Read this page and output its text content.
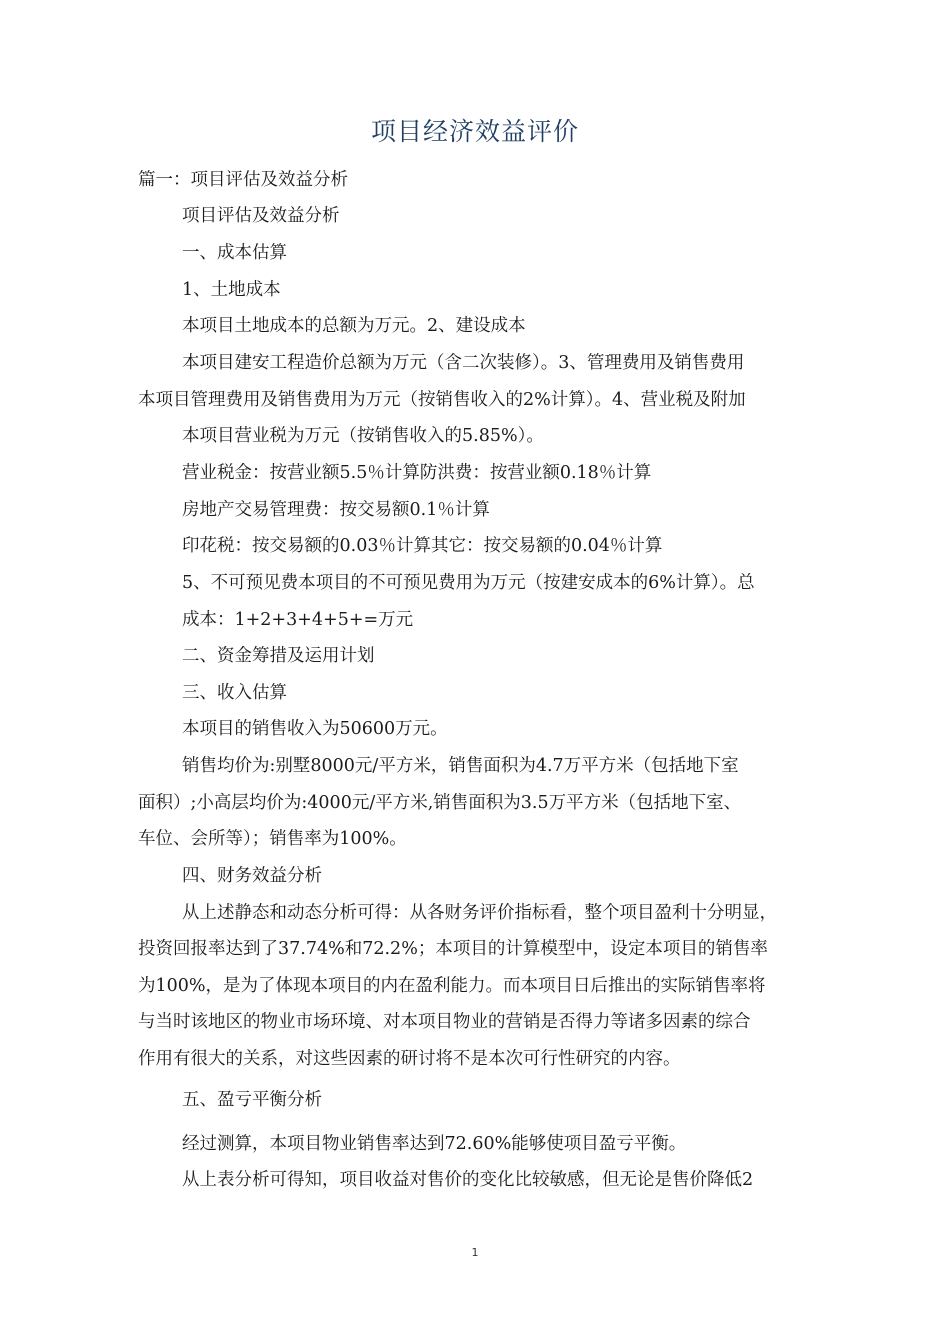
项目经济效益评价
篇一：项目评估及效益分析
项目评估及效益分析
一、成本估算
1、土地成本
本项目土地成本的总额为万元。2、建设成本
本项目建安工程造价总额为万元（含二次装修）。3、管理费用及销售费用
本项目管理费用及销售费用为万元（按销售收入的2%计算）。4、营业税及附加
本项目营业税为万元（按销售收入的5.85%）。
营业税金：按营业额5.5％计算防洪费：按营业额0.18％计算
房地产交易管理费：按交易额0.1％计算
印花税：按交易额的0.03％计算其它：按交易额的0.04％计算
5、不可预见费本项目的不可预见费用为万元（按建安成本的6%计算）。总
成本：1+2+3+4+5+=万元
二、资金筹措及运用计划
三、收入估算
本项目的销售收入为50600万元。
销售均价为:别墅8000元/平方米，销售面积为4.7万平方米（包括地下室
面积）;小高层均价为:4000元/平方米,销售面积为3.5万平方米（包括地下室、
车位、会所等）；销售率为100%。
四、财务效益分析
从上述静态和动态分析可得：从各财务评价指标看，整个项目盈利十分明显，
投资回报率达到了37.74%和72.2%；本项目的计算模型中，设定本项目的销售率
为100%，是为了体现本项目的内在盈利能力。而本项目日后推出的实际销售率将
与当时该地区的物业市场环境、对本项目物业的营销是否得力等诸多因素的综合
作用有很大的关系，对这些因素的研讨将不是本次可行性研究的内容。
五、盈亏平衡分析
经过测算，本项目物业销售率达到72.60%能够使项目盈亏平衡。
从上表分析可得知，项目收益对售价的变化比较敏感，但无论是售价降低2
1
